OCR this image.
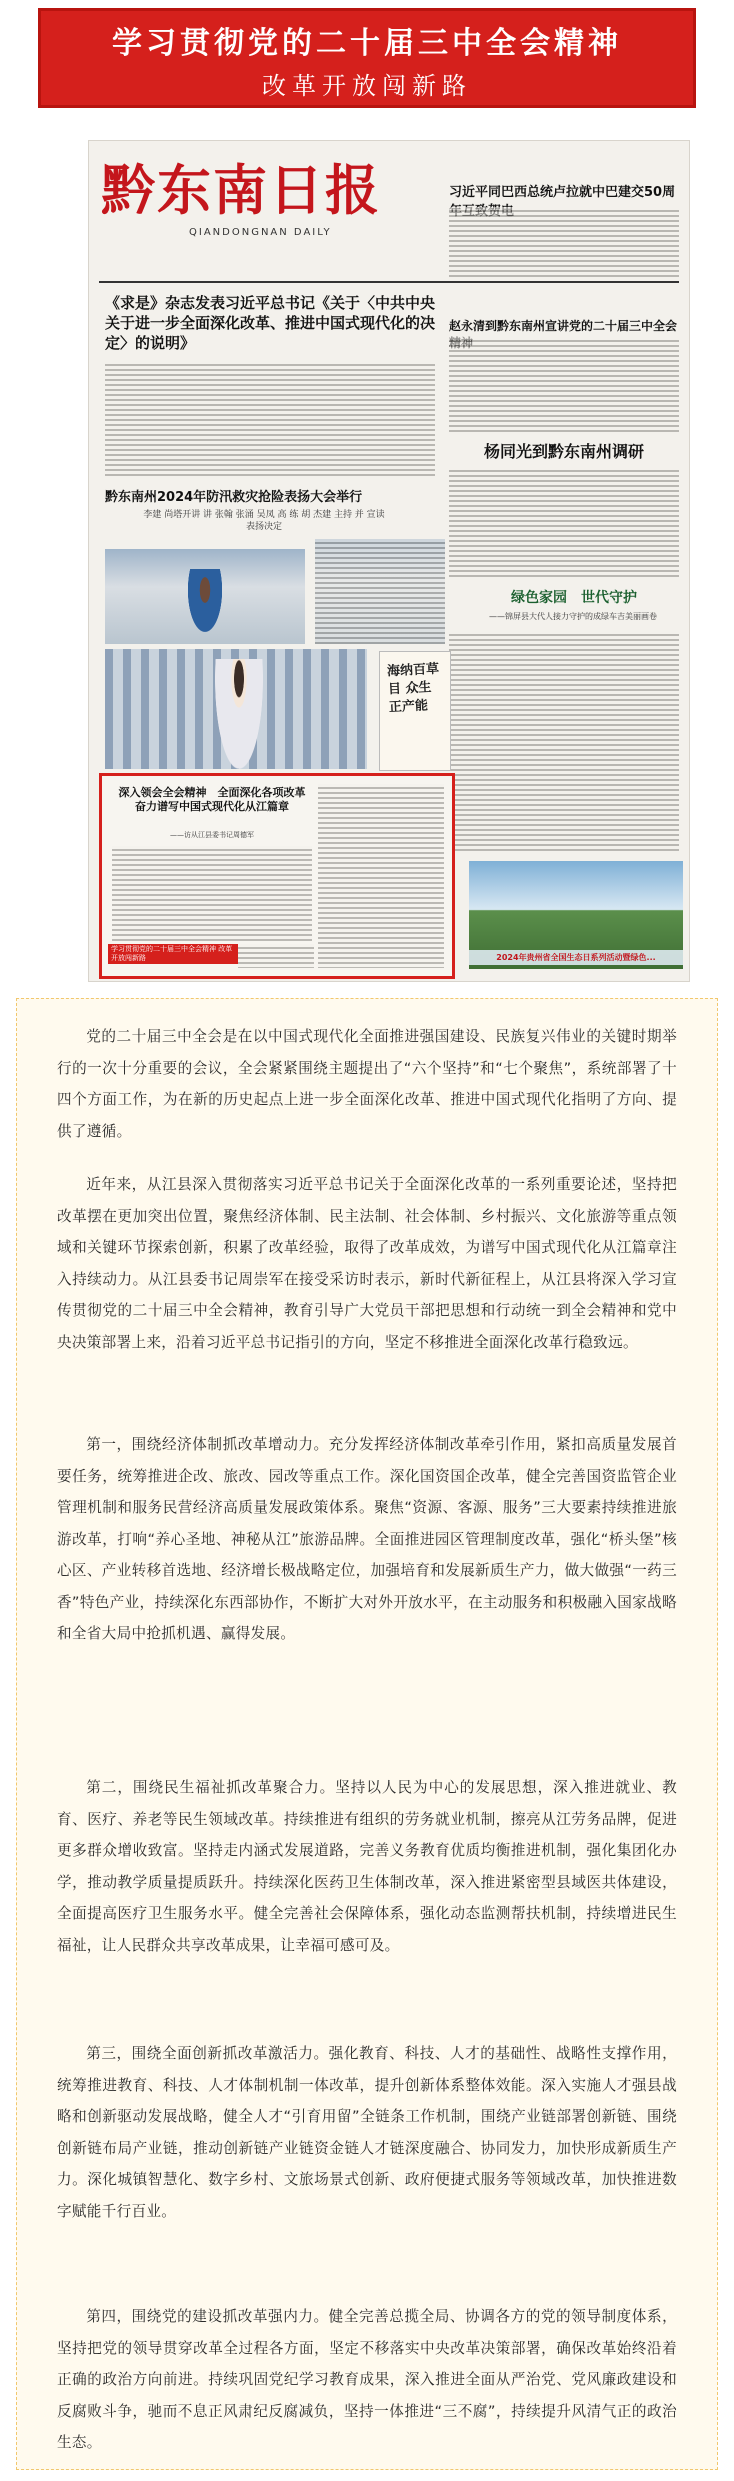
学习贯彻党的二十届三中全会精神
改革开放闯新路
黔东南日报
QIANDONGNAN DAILY
习近平同巴西总统卢拉就中巴建交50周
《求是》杂志发表习近平总书记《关于〈中共中央关于进一步全面深化改革、推进中国式现代化的决定〉的说明》
赵永清到黔东南州宣讲党的二十届三中全会
杨同光到黔东南州调研
黔东南州2024年防汛救灾抢险表扬大会举行
李建 尚塔开讲 讲 张翰 张涌 吴凤 高 练 胡 杰建 主持 并 宣读 表扬决定
绿色家园　世代守护
——锦屏县大代人接力守护的成绿车吉美丽画卷
海纳百草目 众生正产能
深入领会全会精神　全面深化各项改革 奋力谱写中国式现代化从江篇章
——访从江县委书记周德军
学习贯彻党的二十届三中全会精神 改革开放闯新路	2024年贵州省全国生态日系列活动暨绿色...

党的二十届三中全会是在以中国式现代化全面推进强国建设、民族复兴伟业的关键时期举行的一次十分重要的会议，全会紧紧围绕主题提出了“六个坚持”和“七个聚焦”，系统部署了十四个方面工作，为在新的历史起点上进一步全面深化改革、推进中国式现代化指明了方向、提供了遵循。

近年来，从江县深入贯彻落实习近平总书记关于全面深化改革的一系列重要论述，坚持把改革摆在更加突出位置，聚焦经济体制、民主法制、社会体制、乡村振兴、文化旅游等重点领域和关键环节探索创新，积累了改革经验，取得了改革成效，为谱写中国式现代化从江篇章注入持续动力。从江县委书记周崇军在接受采访时表示，新时代新征程上，从江县将深入学习宣传贯彻党的二十届三中全会精神，教育引导广大党员干部把思想和行动统一到全会精神和党中央决策部署上来，沿着习近平总书记指引的方向，坚定不移推进全面深化改革行稳致远。

第一，围绕经济体制抓改革增动力。充分发挥经济体制改革牵引作用，紧扣高质量发展首要任务，统筹推进企改、旅改、园改等重点工作。深化国资国企改革，健全完善国资监管企业管理机制和服务民营经济高质量发展政策体系。聚焦“资源、客源、服务”三大要素持续推进旅游改革，打响“养心圣地、神秘从江”旅游品牌。全面推进园区管理制度改革，强化“桥头堡”核心区、产业转移首选地、经济增长极战略定位，加强培育和发展新质生产力，做大做强“一药三香”特色产业，持续深化东西部协作，不断扩大对外开放水平，在主动服务和积极融入国家战略和全省大局中抢抓机遇、赢得发展。

第二，围绕民生福祉抓改革聚合力。坚持以人民为中心的发展思想，深入推进就业、教育、医疗、养老等民生领域改革。持续推进有组织的劳务就业机制，擦亮从江劳务品牌，促进更多群众增收致富。坚持走内涵式发展道路，完善义务教育优质均衡推进机制，强化集团化办学，推动教学质量提质跃升。持续深化医药卫生体制改革，深入推进紧密型县域医共体建设，全面提高医疗卫生服务水平。健全完善社会保障体系，强化动态监测帮扶机制，持续增进民生福祉，让人民群众共享改革成果，让幸福可感可及。

第三，围绕全面创新抓改革激活力。强化教育、科技、人才的基础性、战略性支撑作用，统筹推进教育、科技、人才体制机制一体改革，提升创新体系整体效能。深入实施人才强县战略和创新驱动发展战略，健全人才“引育用留”全链条工作机制，围绕产业链部署创新链、围绕创新链布局产业链，推动创新链产业链资金链人才链深度融合、协同发力，加快形成新质生产力。深化城镇智慧化、数字乡村、文旅场景式创新、政府便捷式服务等领域改革，加快推进数字赋能千行百业。

第四，围绕党的建设抓改革强内力。健全完善总揽全局、协调各方的党的领导制度体系，坚持把党的领导贯穿改革全过程各方面，坚定不移落实中央改革决策部署，确保改革始终沿着正确的政治方向前进。持续巩固党纪学习教育成果，深入推进全面从严治党、党风廉政建设和反腐败斗争，驰而不息正风肃纪反腐减负，坚持一体推进“三不腐”，持续提升风清气正的政治生态。
